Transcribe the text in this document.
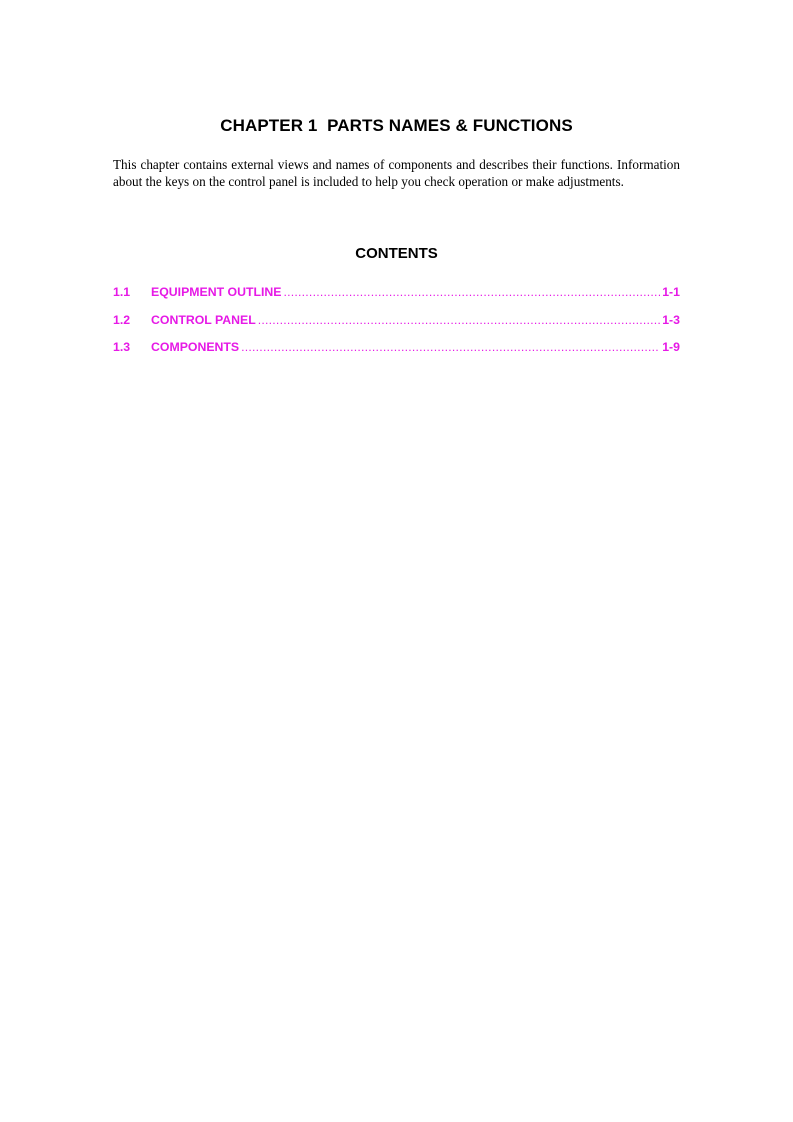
CHAPTER 1  PARTS NAMES & FUNCTIONS

This chapter contains external views and names of components and describes their functions. Information about the keys on the control panel is included to help you check operation or make adjustments.

CONTENTS
1.1	EQUIPMENT OUTLINE . . .	1-1
1.2	CONTROL PANEL . . .	1-3
1.3	COMPONENTS . . .	1-9
